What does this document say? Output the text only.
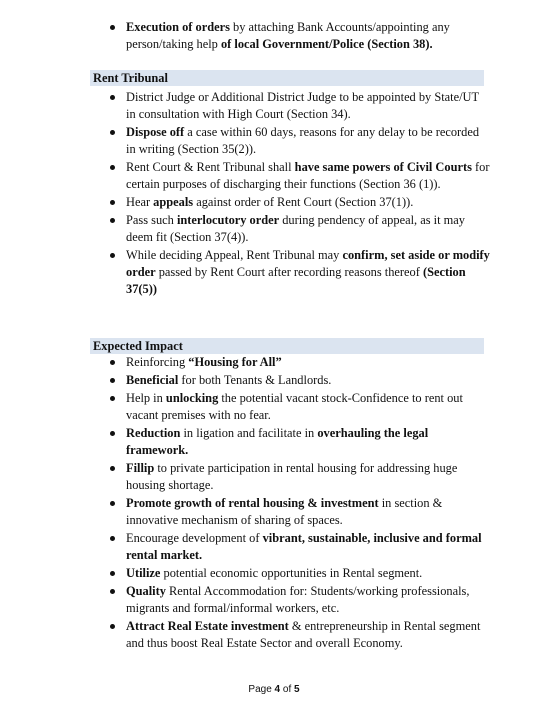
Execution of orders by attaching Bank Accounts/appointing any person/taking help of local Government/Police (Section 38).
Rent Tribunal
District Judge or Additional District Judge to be appointed by State/UT in consultation with High Court (Section 34).
Dispose off a case within 60 days, reasons for any delay to be recorded in writing (Section 35(2)).
Rent Court & Rent Tribunal shall have same powers of Civil Courts for certain purposes of discharging their functions (Section 36 (1)).
Hear appeals against order of Rent Court (Section 37(1)).
Pass such interlocutory order during pendency of appeal, as it may deem fit (Section 37(4)).
While deciding Appeal, Rent Tribunal may confirm, set aside or modify order passed by Rent Court after recording reasons thereof (Section 37(5))
Expected Impact
Reinforcing “Housing for All”
Beneficial for both Tenants & Landlords.
Help in unlocking the potential vacant stock-Confidence to rent out vacant premises with no fear.
Reduction in ligation and facilitate in overhauling the legal framework.
Fillip to private participation in rental housing for addressing huge housing shortage.
Promote growth of rental housing & investment in section & innovative mechanism of sharing of spaces.
Encourage development of vibrant, sustainable, inclusive and formal rental market.
Utilize potential economic opportunities in Rental segment.
Quality Rental Accommodation for: Students/working professionals, migrants and formal/informal workers, etc.
Attract Real Estate investment & entrepreneurship in Rental segment and thus boost Real Estate Sector and overall Economy.
Page 4 of 5
